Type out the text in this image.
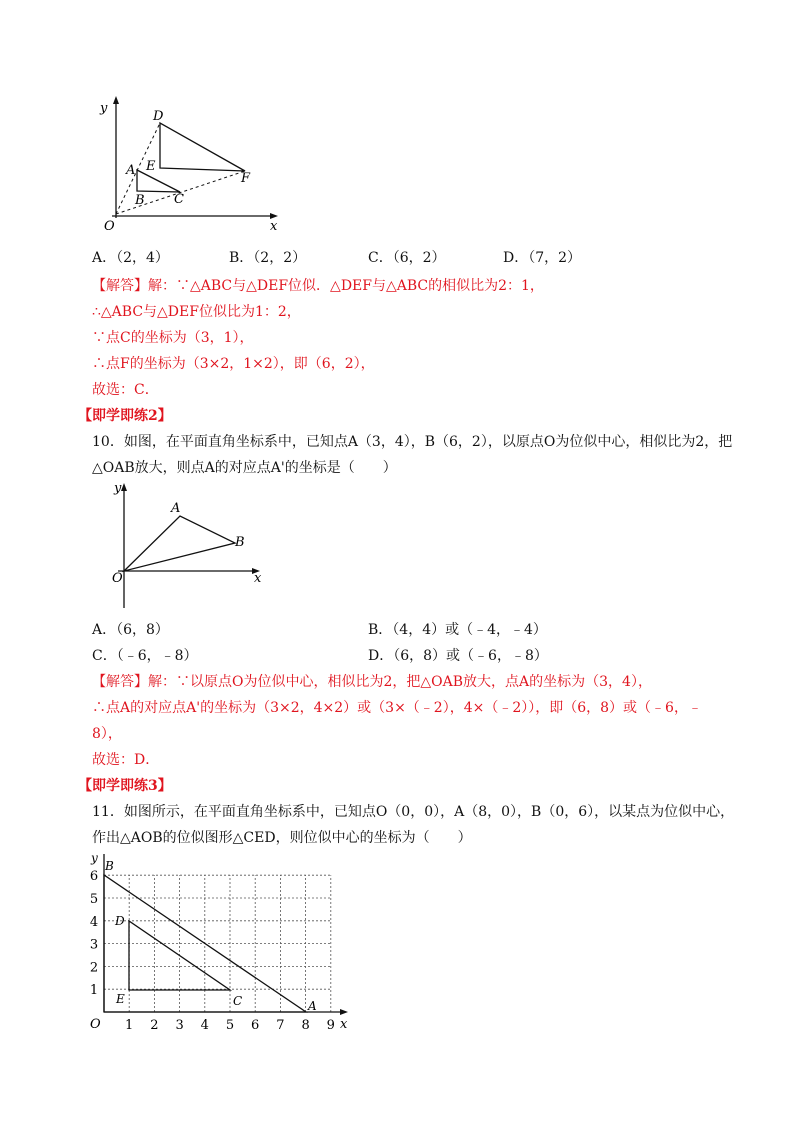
y
x
O
A
B C
D
E
F
A．（2，4）	B．（2，2）	C．（6，2）	D．（7，2）
【解答】解：∵△ABC与△DEF位似．△DEF与△ABC的相似比为2：1，
∴△ABC与△DEF位似比为1：2，
∵点C的坐标为（3，1），
∴点F的坐标为（3×2，1×2），即（6，2），
故选：C．
【即学即练2】
10．如图，在平面直角坐标系中，已知点A（3，4），B（6，2），以原点O为位似中心，相似比为2，把
△OAB放大，则点A的对应点A'的坐标是（　　）
y
x
O
A
B
A．（6，8）	B．（4，4）或（﹣4，﹣4）
C．（﹣6，﹣8）	D．（6，8）或（﹣6，﹣8）
【解答】解：∵以原点O为位似中心，相似比为2，把△OAB放大，点A的坐标为（3，4），
∴点A的对应点A'的坐标为（3×2，4×2）或（3×（﹣2），4×（﹣2）），即（6，8）或（﹣6，﹣
8），
故选：D．
【即学即练3】
11．如图所示，在平面直角坐标系中，已知点O（0，0），A（8，0），B（0，6），以某点为位似中心，
作出△AOB的位似图形△CED，则位似中心的坐标为（　　）
1 2 3 4 5 6 7 8 9
1
2
3
4
5
6
y
B
D
E	C	A
O	x
